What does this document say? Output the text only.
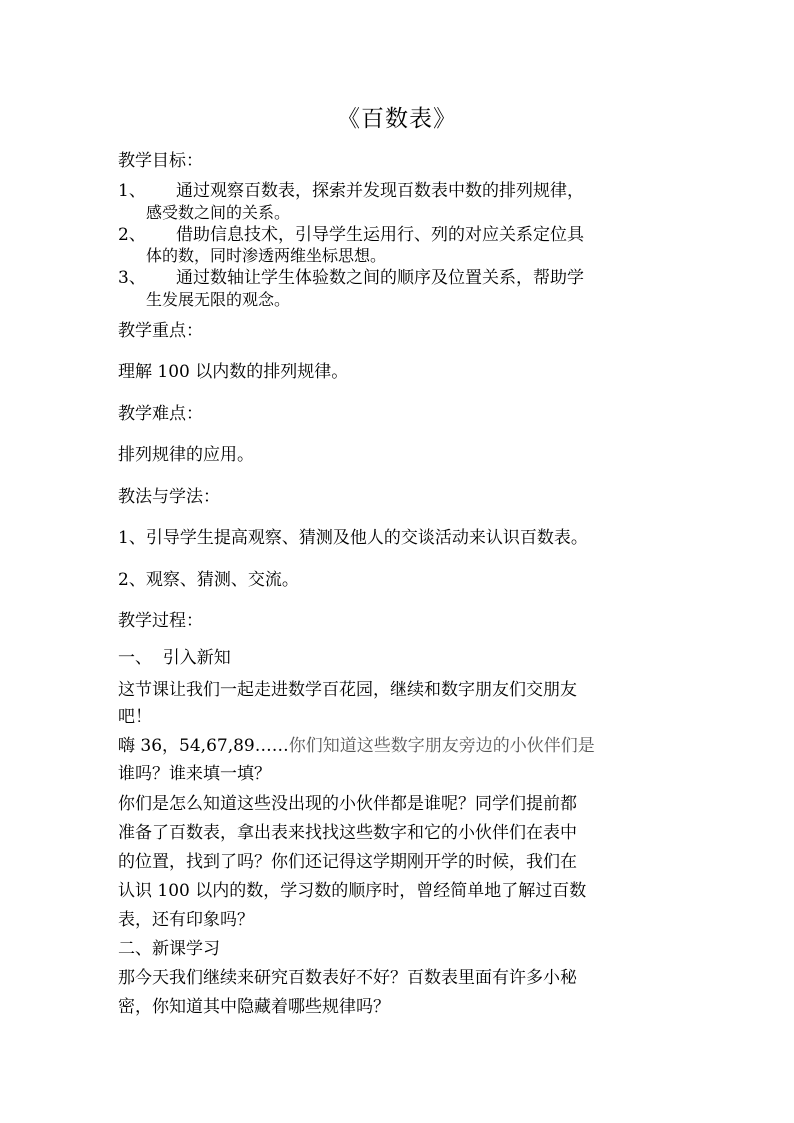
《百数表》
教学目标：
1、 通过观察百数表，探索并发现百数表中数的排列规律，
感受数之间的关系。
2、 借助信息技术，引导学生运用行、列的对应关系定位具
体的数，同时渗透两维坐标思想。
3、 通过数轴让学生体验数之间的顺序及位置关系，帮助学
生发展无限的观念。
教学重点：
理解 100 以内数的排列规律。
教学难点：
排列规律的应用。
教法与学法：
1、引导学生提高观察、猜测及他人的交谈活动来认识百数表。
2、观察、猜测、交流。
教学过程：
一、  引入新知
这节课让我们一起走进数学百花园，继续和数字朋友们交朋友
吧！
嗨 36，54,67,89……你们知道这些数字朋友旁边的小伙伴们是
谁吗？谁来填一填？
你们是怎么知道这些没出现的小伙伴都是谁呢？同学们提前都
准备了百数表，拿出表来找找这些数字和它的小伙伴们在表中
的位置，找到了吗？你们还记得这学期刚开学的时候，我们在
认识 100 以内的数，学习数的顺序时，曾经简单地了解过百数
表，还有印象吗？
二、新课学习
那今天我们继续来研究百数表好不好？百数表里面有许多小秘
密，你知道其中隐藏着哪些规律吗？
